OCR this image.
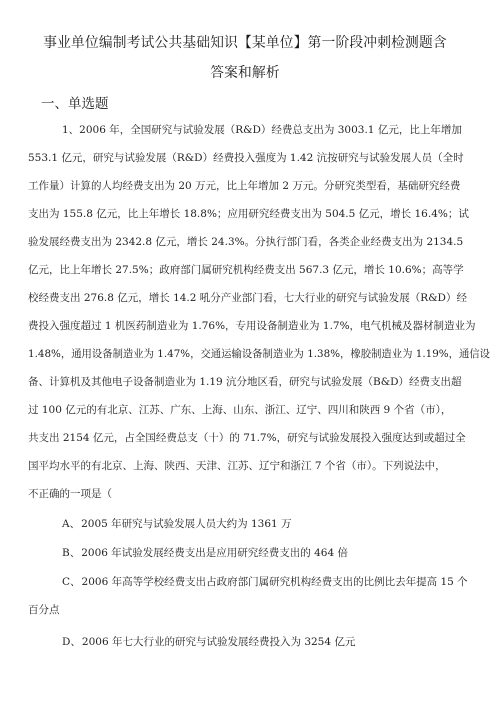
事业单位编制考试公共基础知识【某单位】第一阶段冲刺检测题含
答案和解析
一、单选题
1、2006 年，全国研究与试验发展（R&D）经费总支出为 3003.1 亿元，比上年增加
553.1 亿元，研究与试验发展（R&D）经费投入强度为 1.42 沆按研究与试验发展人员（全时
工作量）计算的人均经费支出为 20 万元，比上年增加 2 万元。分研究类型看，基础研究经费
支出为 155.8 亿元，比上年增长 18.8%；应用研究经费支出为 504.5 亿元，增长 16.4%；试
验发展经费支出为 2342.8 亿元，增长 24.3%。分执行部门看，各类企业经费支出为 2134.5
亿元，比上年增长 27.5%；政府部门属研究机构经费支出 567.3 亿元，增长 10.6%；高等学
校经费支出 276.8 亿元，增长 14.2 吼分产业部门看，七大行业的研究与试验发展（R&D）经
费投入强度超过 1 机医药制造业为 1.76%，专用设备制造业为 1.7%，电气机械及器材制造业为
1.48%，通用设备制造业为 1.47%，交通运输设备制造业为 1.38%，橡胶制造业为 1.19%，通信设
备、计算机及其他电子设备制造业为 1.19 沆分地区看，研究与试验发展（B&D）经费支出超
过 100 亿元的有北京、江苏、广东、上海、山东、浙江、辽宁、四川和陕西 9 个省（市），
共支出 2154 亿元，占全国经费总支（十）的 71.7%，研究与试验发展投入强度达到或超过全
国平均水平的有北京、上海、陕西、天津、江苏、辽宁和浙江 7 个省（市）。下列说法中，
不正确的一项是（
A、2005 年研究与试验发展人员大约为 1361 万
B、2006 年试验发展经费支出是应用研究经费支出的 464 倍
C、2006 年高等学校经费支出占政府部门属研究机构经费支出的比例比去年提高 15 个
百分点
D、2006 年七大行业的研究与试验发展经费投入为 3254 亿元
